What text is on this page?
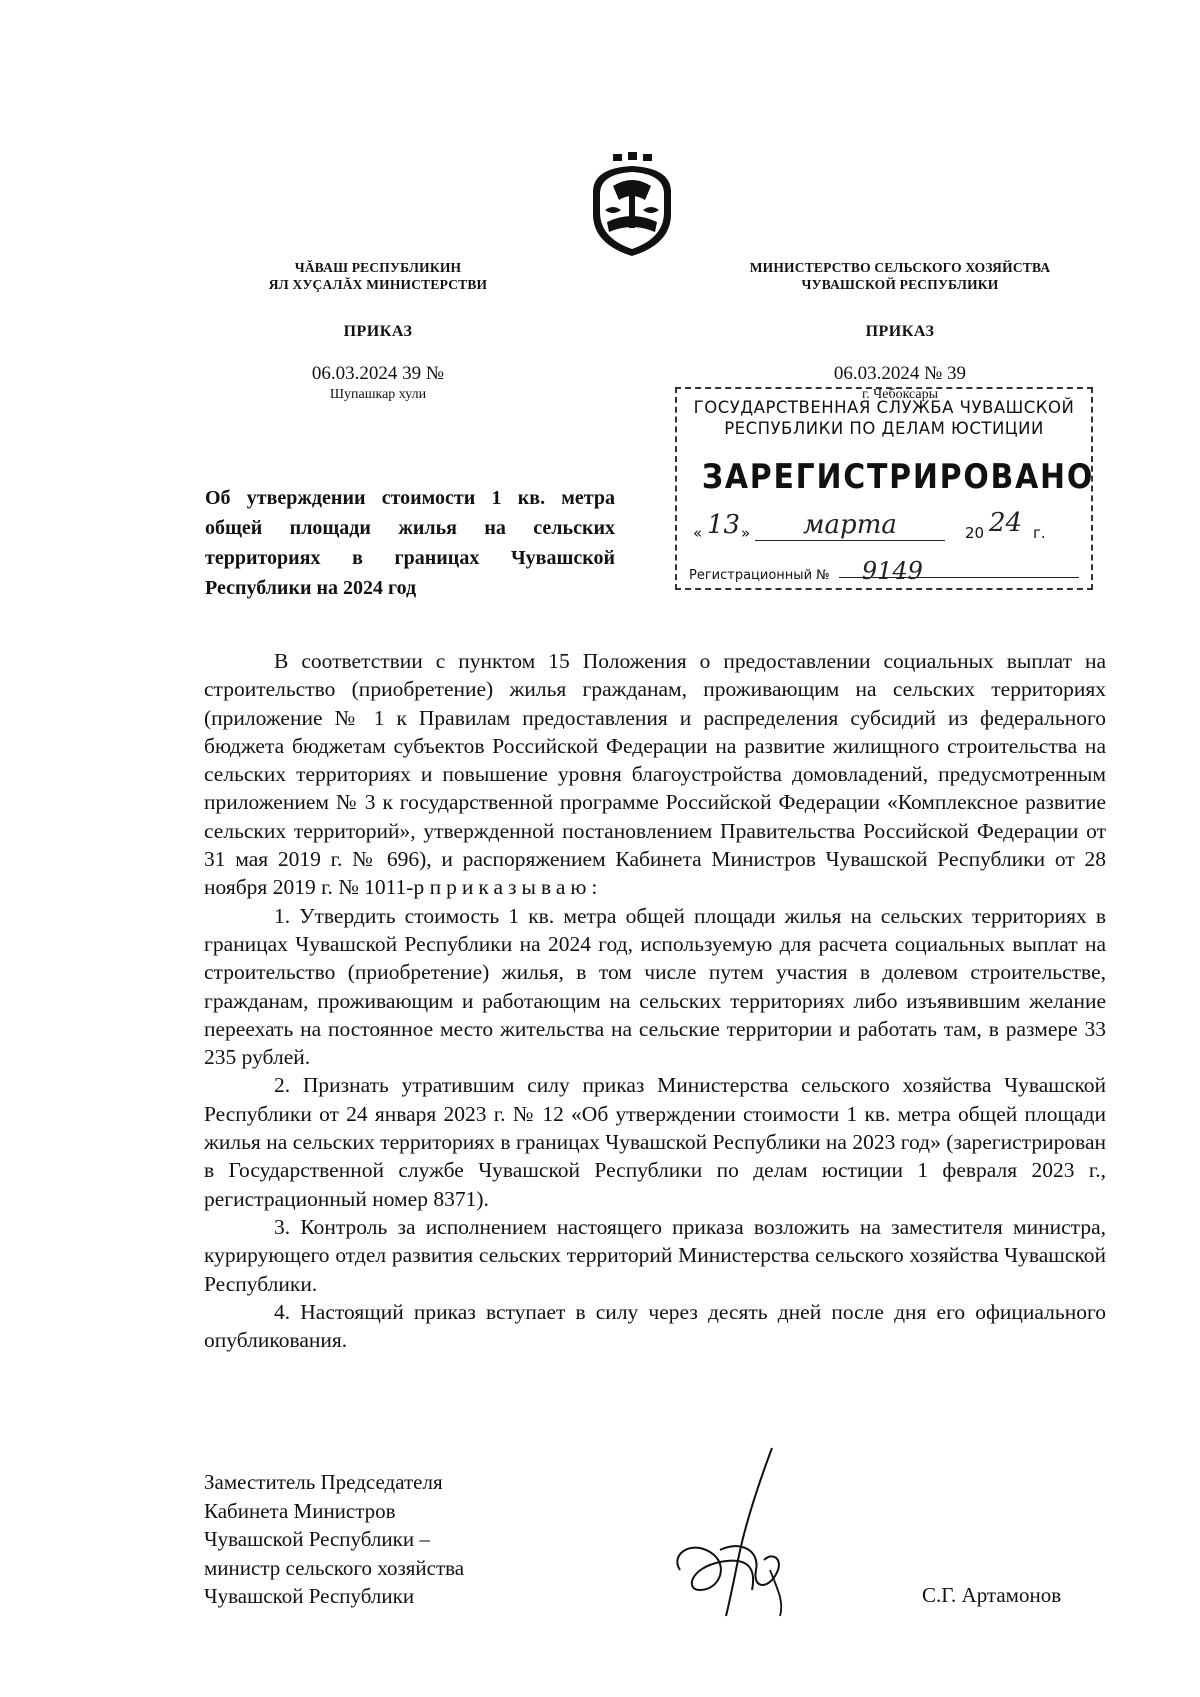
ЧĂВАШ РЕСПУБЛИКИН
ЯЛ ХУÇАЛĂХ МИНИСТЕРСТВИ
ПРИКАЗ
06.03.2024 39 №
Шупашкар хули
МИНИСТЕРСТВО СЕЛЬСКОГО ХОЗЯЙСТВА
ЧУВАШСКОЙ РЕСПУБЛИКИ
ПРИКАЗ
06.03.2024 № 39
г. Чебоксары
Об утверждении стоимости 1 кв. метра общей площади жилья на сельских территориях в границах Чувашской Республики на 2024 год
ГОСУДАРСТВЕННАЯ СЛУЖБА ЧУВАШСКОЙ
РЕСПУБЛИКИ ПО ДЕЛАМ ЮСТИЦИИ
ЗАРЕГИСТРИРОВАНО
« 13 » марта	20 24 г.
Регистрационный № 9149

В соответствии с пунктом 15 Положения о предоставлении социальных выплат на строительство (приобретение) жилья гражданам, проживающим на сельских территориях (приложение № 1 к Правилам предоставления и распределения субсидий из федерального бюджета бюджетам субъектов Российской Федерации на развитие жилищного строительства на сельских территориях и повышение уровня благоустройства домовладений, предусмотренным приложением № 3 к государственной программе Российской Федерации «Комплексное развитие сельских территорий», утвержденной постановлением Правительства Российской Федерации от 31 мая 2019 г. № 696), и распоряжением Кабинета Министров Чувашской Республики от 28 ноября 2019 г. № 1011-р приказываю:

1. Утвердить стоимость 1 кв. метра общей площади жилья на сельских территориях в границах Чувашской Республики на 2024 год, используемую для расчета социальных выплат на строительство (приобретение) жилья, в том числе путем участия в долевом строительстве, гражданам, проживающим и работающим на сельских территориях либо изъявившим желание переехать на постоянное место жительства на сельские территории и работать там, в размере 33 235 рублей.

2. Признать утратившим силу приказ Министерства сельского хозяйства Чувашской Республики от 24 января 2023 г. № 12 «Об утверждении стоимости 1 кв. метра общей площади жилья на сельских территориях в границах Чувашской Республики на 2023 год» (зарегистрирован в Государственной службе Чувашской Республики по делам юстиции 1 февраля 2023 г., регистрационный номер 8371).

3. Контроль за исполнением настоящего приказа возложить на заместителя министра, курирующего отдел развития сельских территорий Министерства сельского хозяйства Чувашской Республики.

4. Настоящий приказ вступает в силу через десять дней после дня его официального опубликования.

Заместитель Председателя
Кабинета Министров
Чувашской Республики –
министр сельского хозяйства
Чувашской Республики	С.Г. Артамонов
